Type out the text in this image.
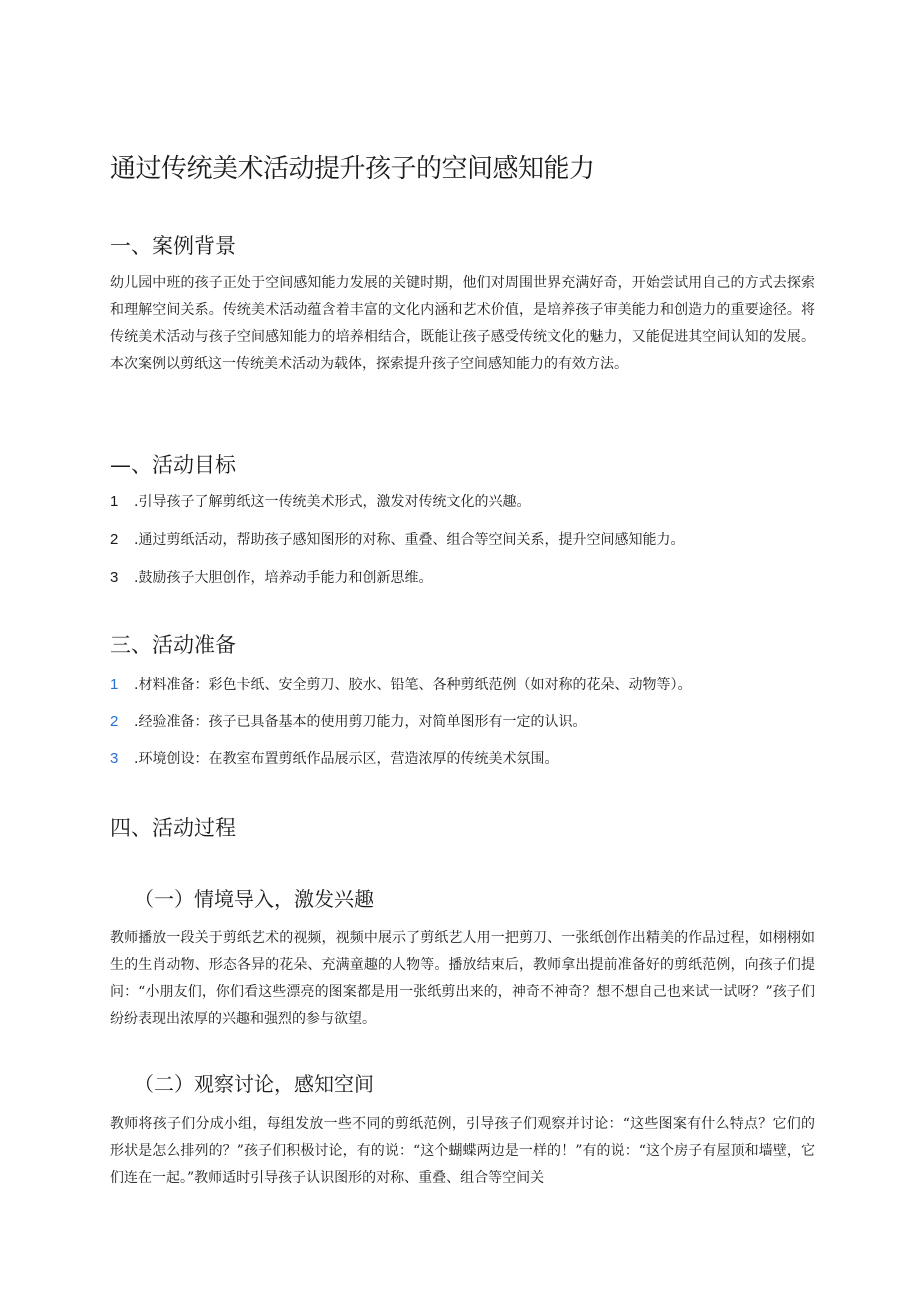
通过传统美术活动提升孩子的空间感知能力
一、案例背景

幼儿园中班的孩子正处于空间感知能力发展的关键时期，他们对周围世界充满好奇，开始尝试用自己的方式去探索和理解空间关系。传统美术活动蕴含着丰富的文化内涵和艺术价值，是培养孩子审美能力和创造力的重要途径。将传统美术活动与孩子空间感知能力的培养相结合，既能让孩子感受传统文化的魅力，又能促进其空间认知的发展。本次案例以剪纸这一传统美术活动为载体，探索提升孩子空间感知能力的有效方法。

—、活动目标
1 .引导孩子了解剪纸这一传统美术形式，激发对传统文化的兴趣。
2 .通过剪纸活动，帮助孩子感知图形的对称、重叠、组合等空间关系，提升空间感知能力。
3 .鼓励孩子大胆创作，培养动手能力和创新思维。
三、活动准备
1 .材料准备：彩色卡纸、安全剪刀、胶水、铅笔、各种剪纸范例（如对称的花朵、动物等）。
2 .经验准备：孩子已具备基本的使用剪刀能力，对简单图形有一定的认识。
3 .环境创设：在教室布置剪纸作品展示区，营造浓厚的传统美术氛围。
四、活动过程
（一）情境导入，激发兴趣

教师播放一段关于剪纸艺术的视频，视频中展示了剪纸艺人用一把剪刀、一张纸创作出精美的作品过程，如栩栩如生的生肖动物、形态各异的花朵、充满童趣的人物等。播放结束后，教师拿出提前准备好的剪纸范例，向孩子们提问：“小朋友们，你们看这些漂亮的图案都是用一张纸剪出来的，神奇不神奇？想不想自己也来试一试呀？”孩子们纷纷表现出浓厚的兴趣和强烈的参与欲望。

（二）观察讨论，感知空间

教师将孩子们分成小组，每组发放一些不同的剪纸范例，引导孩子们观察并讨论：“这些图案有什么特点？它们的形状是怎么排列的？”孩子们积极讨论，有的说：“这个蝴蝶两边是一样的！”有的说：“这个房子有屋顶和墙壁，它们连在一起。”教师适时引导孩子认识图形的对称、重叠、组合等空间关
